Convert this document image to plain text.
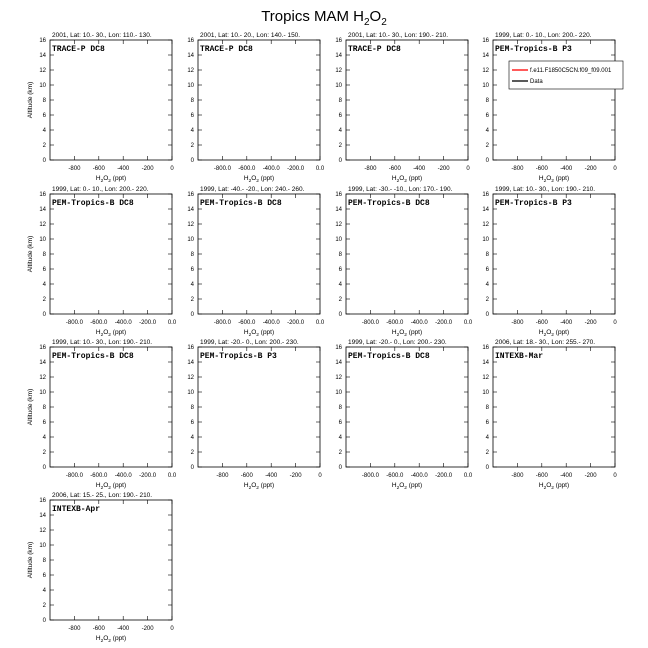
Tropics MAM $H_2O_2$
2001, Lat: 10.- 30., Lon: 110.- 130.
TRACE-P DC8
0
2
4
6
8
10
12
14
16
-800 -600 -400 -200	0
Altitude (km)
$H_2O_2$ (ppt)
2001, Lat: 10.- 20., Lon: 140.- 150.
TRACE-P DC8
0
2
4
6
8
10
12
14
16
-800.0 -600.0 -400.0 -200.0 0.0
$H_2O_2$ (ppt)
2001, Lat: 10.- 30., Lon: 190.- 210.
TRACE-P DC8
0
2
4
6
8
10
12
14
16
-800 -600 -400 -200	0
$H_2O_2$ (ppt)
1999, Lat: 0.- 10., Lon: 200.- 220.
PEM-Tropics-B P3
0
2
4
6
8
10
12
14
16
-800 -600 -400 -200	0
$H_2O_2$ (ppt)
f.e11.F1850C5CN.f09_f09.001
Data
1999, Lat: 0.- 10., Lon: 200.- 220.
PEM-Tropics-B DC8
0
2
4
6
8
10
12
14
16
-800.0 -600.0 -400.0 -200.0 0.0
Altitude (km)
$H_2O_2$ (ppt)
1999, Lat: -40.- -20., Lon: 240.- 260.
PEM-Tropics-B DC8
0
2
4
6
8
10
12
14
16
-800.0 -600.0 -400.0 -200.0 0.0
$H_2O_2$ (ppt)
1999, Lat: -30.- -10., Lon: 170.- 190.
PEM-Tropics-B DC8
0
2
4
6
8
10
12
14
16
-800.0 -600.0 -400.0 -200.0 0.0
$H_2O_2$ (ppt)
1999, Lat: 10.- 30., Lon: 190.- 210.
PEM-Tropics-B P3
0
2
4
6
8
10
12
14
16
-800 -600 -400 -200	0
$H_2O_2$ (ppt)
1999, Lat: 10.- 30., Lon: 190.- 210.
PEM-Tropics-B DC8
0
2
4
6
8
10
12
14
16
-800.0 -600.0 -400.0 -200.0 0.0
Altitude (km)
$H_2O_2$ (ppt)
1999, Lat: -20.- 0., Lon: 200.- 230.
PEM-Tropics-B P3
0
2
4
6
8
10
12
14
16
-800 -600 -400 -200	0
$H_2O_2$ (ppt)
1999, Lat: -20.- 0., Lon: 200.- 230.
PEM-Tropics-B DC8
0
2
4
6
8
10
12
14
16
-800.0 -600.0 -400.0 -200.0 0.0
$H_2O_2$ (ppt)
2006, Lat: 18.- 30., Lon: 255.- 270.
INTEXB-Mar
0
2
4
6
8
10
12
14
16
-800 -600 -400 -200	0
$H_2O_2$ (ppt)
2006, Lat: 15.- 25., Lon: 190.- 210.
INTEXB-Apr
0
2
4
6
8
10
12
14
16
-800 -600 -400 -200	0
Altitude (km)
$H_2O_2$ (ppt)
